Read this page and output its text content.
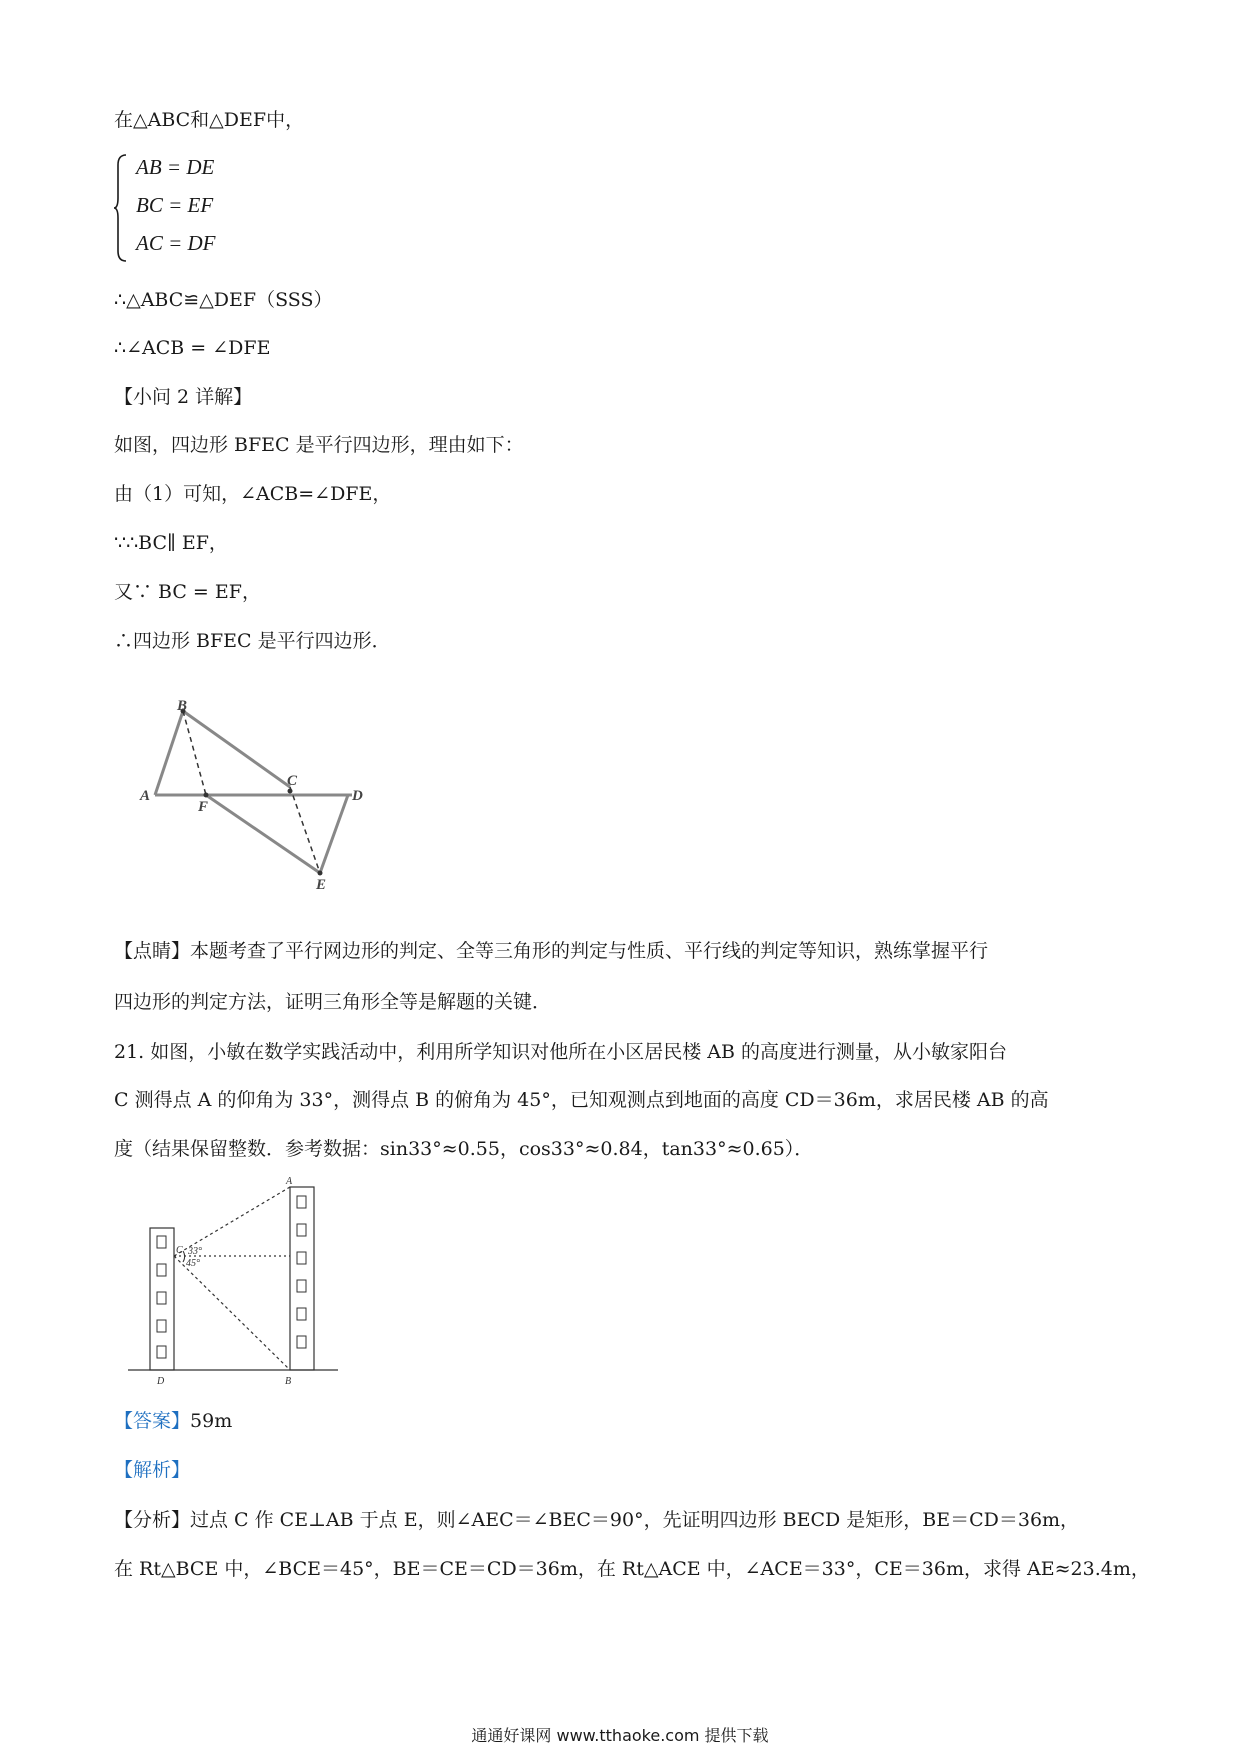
在△ABC和△DEF中，
AB = DE
BC = EF
AC = DF
∴△ABC≌△DEF（SSS）
∴∠ACB = ∠DFE
【小问 2 详解】
如图，四边形 BFEC 是平行四边形，理由如下：
由（1）可知，∠ACB=∠DFE，
∵∴BC∥ EF，
又∵ BC = EF，
∴四边形 BFEC 是平行四边形．
A
B
C
D
E
F
【点睛】本题考查了平行网边形的判定、全等三角形的判定与性质、平行线的判定等知识，熟练掌握平行
四边形的判定方法，证明三角形全等是解题的关键．
21. 如图，小敏在数学实践活动中，利用所学知识对他所在小区居民楼 AB 的高度进行测量，从小敏家阳台
C 测得点 A 的仰角为 33°，测得点 B 的俯角为 45°，已知观测点到地面的高度 CD＝36m，求居民楼 AB 的高
度（结果保留整数．参考数据：sin33°≈0.55，cos33°≈0.84，tan33°≈0.65）．
A
C
D	B
33°
45°
【答案】59m
【解析】
【分析】过点 C 作 CE⊥AB 于点 E，则∠AEC＝∠BEC＝90°，先证明四边形 BECD 是矩形，BE＝CD＝36m，
在 Rt△BCE 中，∠BCE＝45°，BE＝CE＝CD＝36m，在 Rt△ACE 中，∠ACE＝33°，CE＝36m，求得 AE≈23.4m，
通通好课网 www.tthaoke.com 提供下载
